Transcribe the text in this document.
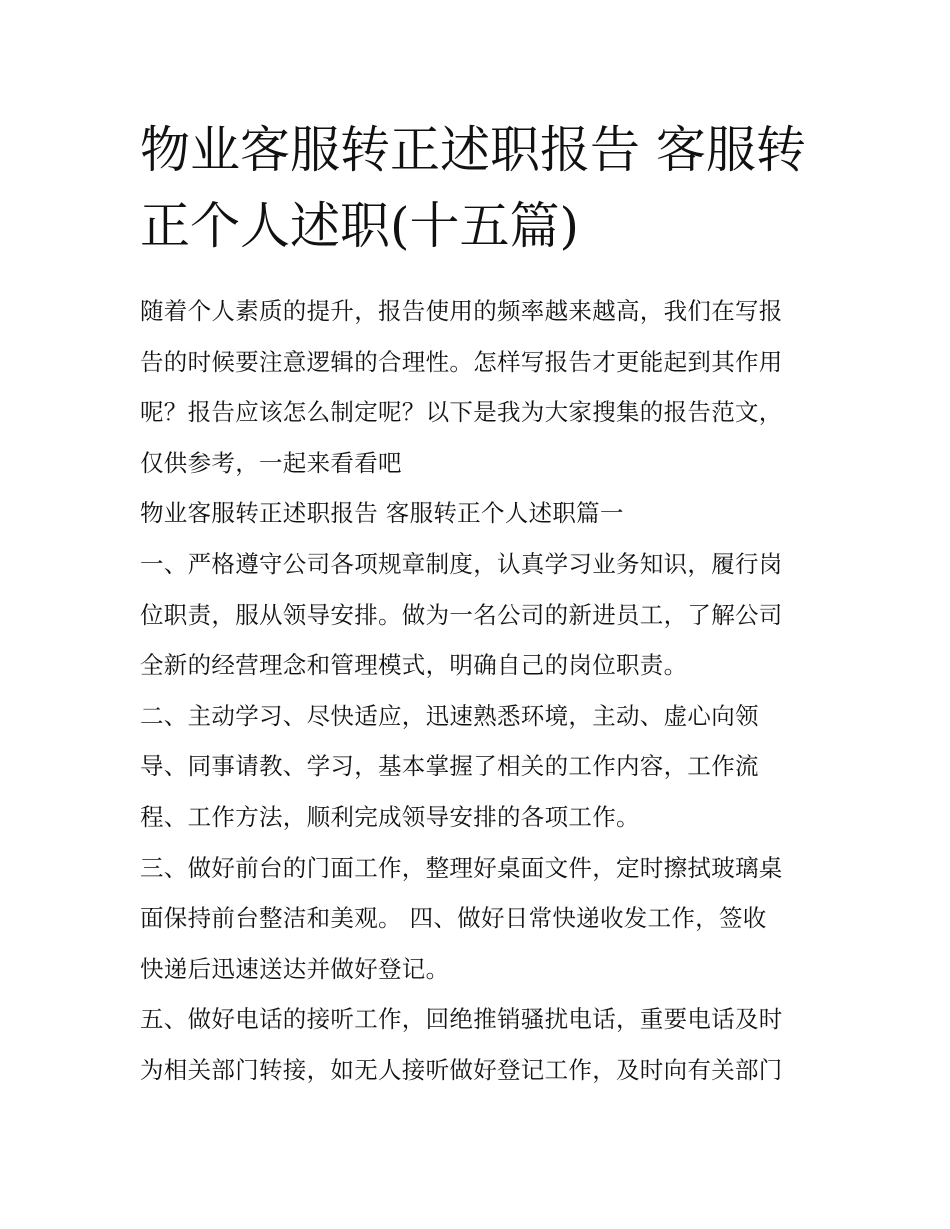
物业客服转正述职报告 客服转
正个人述职(十五篇)

随着个人素质的提升，报告使用的频率越来越高，我们在写报
告的时候要注意逻辑的合理性。怎样写报告才更能起到其作用
呢？报告应该怎么制定呢？以下是我为大家搜集的报告范文，
仅供参考，一起来看看吧

物业客服转正述职报告 客服转正个人述职篇一

一、严格遵守公司各项规章制度，认真学习业务知识，履行岗
位职责，服从领导安排。做为一名公司的新进员工，了解公司
全新的经营理念和管理模式，明确自己的岗位职责。

二、主动学习、尽快适应，迅速熟悉环境，主动、虚心向领
导、同事请教、学习，基本掌握了相关的工作内容，工作流
程、工作方法，顺利完成领导安排的各项工作。

三、做好前台的门面工作，整理好桌面文件，定时擦拭玻璃桌
面保持前台整洁和美观。 四、做好日常快递收发工作，签收
快递后迅速送达并做好登记。

五、做好电话的接听工作，回绝推销骚扰电话，重要电话及时
为相关部门转接，如无人接听做好登记工作，及时向有关部门
